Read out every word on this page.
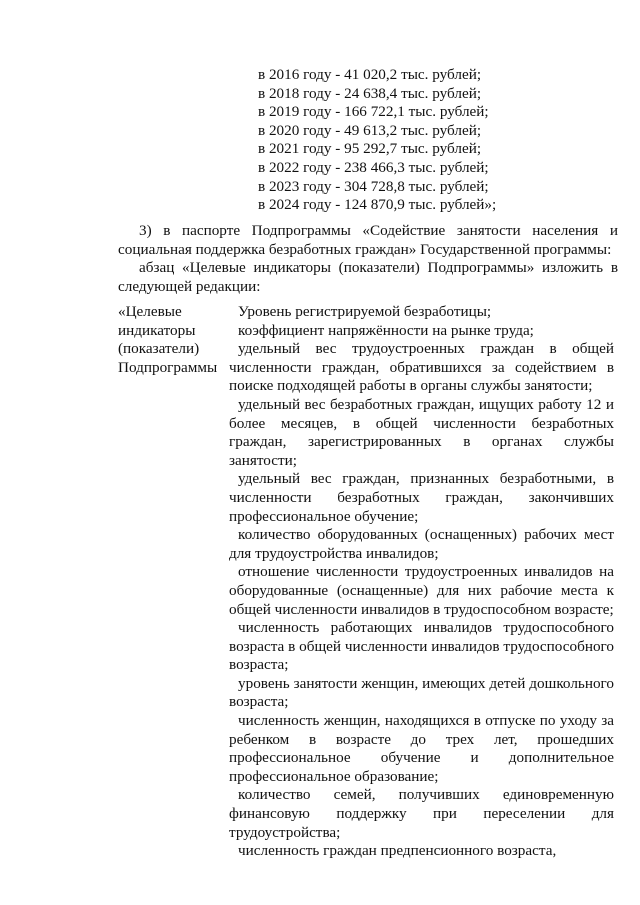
в 2016 году - 41 020,2 тыс. рублей;
в 2018 году - 24 638,4 тыс. рублей;
в 2019 году - 166 722,1 тыс. рублей;
в 2020 году - 49 613,2 тыс. рублей;
в 2021 году - 95 292,7 тыс. рублей;
в 2022 году - 238 466,3 тыс. рублей;
в 2023 году - 304 728,8 тыс. рублей;
в 2024 году - 124 870,9 тыс. рублей»;

3) в паспорте Подпрограммы «Содействие занятости населения и социальная поддержка безработных граждан» Государственной программы:

абзац «Целевые индикаторы (показатели) Подпрограммы» изложить в следующей редакции:

«Целевые
индикаторы
(показатели)
Подпрограммы

Уровень регистрируемой безработицы;

коэффициент напряжённости на рынке труда;

удельный вес трудоустроенных граждан в общей численности граждан, обратившихся за содействием в поиске подходящей работы в органы службы занятости;

удельный вес безработных граждан, ищущих работу 12 и более месяцев, в общей численности безработных граждан, зарегистрированных в органах службы занятости;

удельный вес граждан, признанных безработными, в численности безработных граждан, закончивших профессиональное обучение;

количество оборудованных (оснащенных) рабочих мест для трудоустройства инвалидов;

отношение численности трудоустроенных инвалидов на оборудованные (оснащенные) для них рабочие места к общей численности инвалидов в трудоспособном возрасте;

численность работающих инвалидов трудоспособного возраста в общей численности инвалидов трудоспособного возраста;

уровень занятости женщин, имеющих детей дошкольного возраста;

численность женщин, находящихся в отпуске по уходу за ребенком в возрасте до трех лет, прошедших профессиональное обучение и дополнительное профессиональное образование;

количество семей, получивших единовременную финансовую поддержку при переселении для трудоустройства;

численность граждан предпенсионного возраста,
